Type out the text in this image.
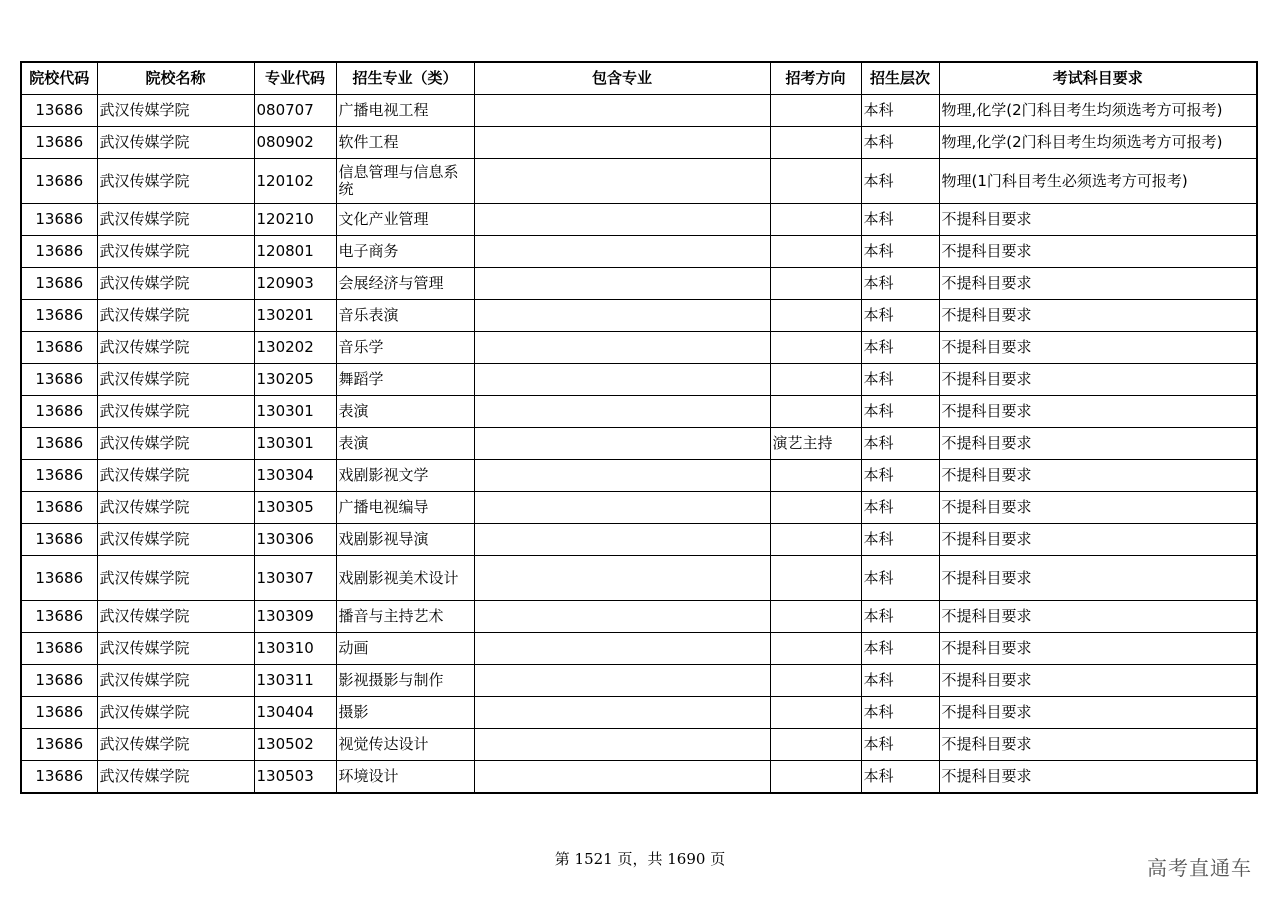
院校代码	院校名称	专业代码	招生专业（类）	包含专业	招考方向	招生层次	考试科目要求
13686	武汉传媒学院	080707	广播电视工程			本科	物理,化学(2门科目考生均须选考方可报考)
13686	武汉传媒学院	080902	软件工程			本科	物理,化学(2门科目考生均须选考方可报考)
13686	武汉传媒学院	120102	信息管理与信息系统			本科	物理(1门科目考生必须选考方可报考)
13686	武汉传媒学院	120210	文化产业管理			本科	不提科目要求
13686	武汉传媒学院	120801	电子商务			本科	不提科目要求
13686	武汉传媒学院	120903	会展经济与管理			本科	不提科目要求
13686	武汉传媒学院	130201	音乐表演			本科	不提科目要求
13686	武汉传媒学院	130202	音乐学			本科	不提科目要求
13686	武汉传媒学院	130205	舞蹈学			本科	不提科目要求
13686	武汉传媒学院	130301	表演			本科	不提科目要求
13686	武汉传媒学院	130301	表演		演艺主持	本科	不提科目要求
13686	武汉传媒学院	130304	戏剧影视文学			本科	不提科目要求
13686	武汉传媒学院	130305	广播电视编导			本科	不提科目要求
13686	武汉传媒学院	130306	戏剧影视导演			本科	不提科目要求
13686	武汉传媒学院	130307	戏剧影视美术设计			本科	不提科目要求
13686	武汉传媒学院	130309	播音与主持艺术			本科	不提科目要求
13686	武汉传媒学院	130310	动画			本科	不提科目要求
13686	武汉传媒学院	130311	影视摄影与制作			本科	不提科目要求
13686	武汉传媒学院	130404	摄影			本科	不提科目要求
13686	武汉传媒学院	130502	视觉传达设计			本科	不提科目要求
13686	武汉传媒学院	130503	环境设计			本科	不提科目要求
第 1521 页，共 1690 页	高考直通车
